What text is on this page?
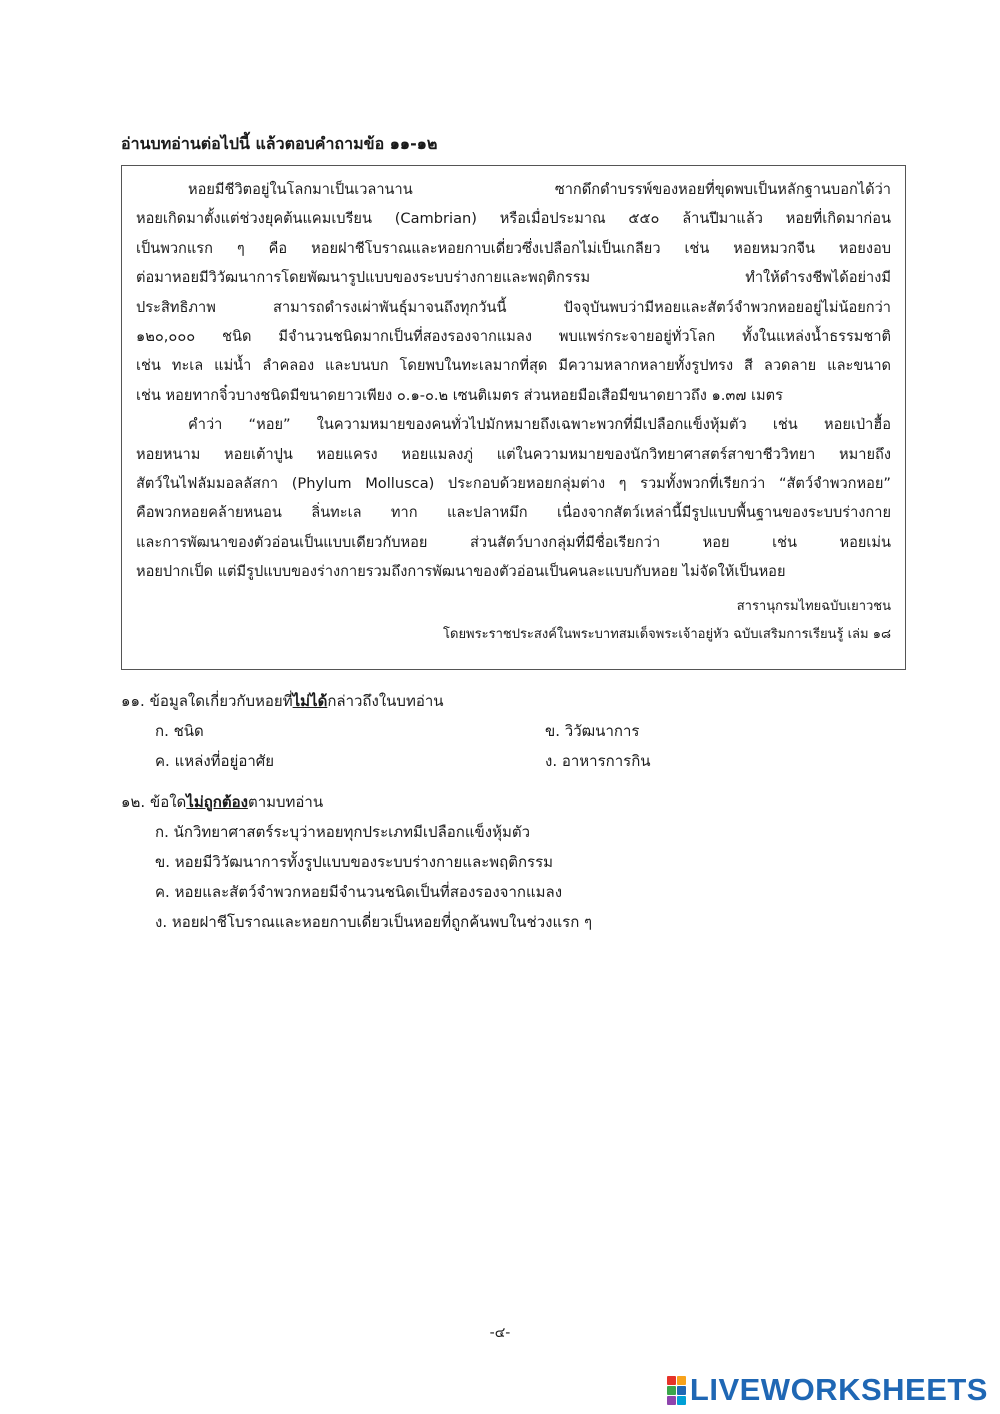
อ่านบทอ่านต่อไปนี้ แล้วตอบคำถามข้อ ๑๑-๑๒
หอยมีชีวิตอยู่ในโลกมาเป็นเวลานาน ซากดึกดำบรรพ์ของหอยที่ขุดพบเป็นหลักฐานบอกได้ว่า
หอยเกิดมาตั้งแต่ช่วงยุคต้นแคมเบรียน (Cambrian) หรือเมื่อประมาณ ๕๕๐ ล้านปีมาแล้ว หอยที่เกิดมาก่อน
เป็นพวกแรก ๆ คือ หอยฝาชีโบราณและหอยกาบเดี่ยวซึ่งเปลือกไม่เป็นเกลียว เช่น หอยหมวกจีน หอยงอบ
ต่อมาหอยมีวิวัฒนาการโดยพัฒนารูปแบบของระบบร่างกายและพฤติกรรม ทำให้ดำรงชีพได้อย่างมี
ประสิทธิภาพ สามารถดำรงเผ่าพันธุ์มาจนถึงทุกวันนี้ ปัจจุบันพบว่ามีหอยและสัตว์จำพวกหอยอยู่ไม่น้อยกว่า
๑๒๐,๐๐๐ ชนิด มีจำนวนชนิดมากเป็นที่สองรองจากแมลง พบแพร่กระจายอยู่ทั่วโลก ทั้งในแหล่งน้ำธรรมชาติ
เช่น ทะเล แม่น้ำ ลำคลอง และบนบก โดยพบในทะเลมากที่สุด มีความหลากหลายทั้งรูปทรง สี ลวดลาย และขนาด
เช่น หอยทากจิ๋วบางชนิดมีขนาดยาวเพียง ๐.๑-๐.๒ เซนติเมตร ส่วนหอยมือเสือมีขนาดยาวถึง ๑.๓๗ เมตร
คำว่า “หอย” ในความหมายของคนทั่วไปมักหมายถึงเฉพาะพวกที่มีเปลือกแข็งหุ้มตัว เช่น หอยเป่าฮื้อ
หอยหนาม หอยเต้าปูน หอยแครง หอยแมลงภู่ แต่ในความหมายของนักวิทยาศาสตร์สาขาชีววิทยา หมายถึง
สัตว์ในไฟลัมมอลลัสกา (Phylum Mollusca) ประกอบด้วยหอยกลุ่มต่าง ๆ รวมทั้งพวกที่เรียกว่า “สัตว์จำพวกหอย”
คือพวกหอยคล้ายหนอน ลิ่นทะเล ทาก และปลาหมึก เนื่องจากสัตว์เหล่านี้มีรูปแบบพื้นฐานของระบบร่างกาย
และการพัฒนาของตัวอ่อนเป็นแบบเดียวกับหอย ส่วนสัตว์บางกลุ่มที่มีชื่อเรียกว่า หอย เช่น หอยเม่น
หอยปากเป็ด แต่มีรูปแบบของร่างกายรวมถึงการพัฒนาของตัวอ่อนเป็นคนละแบบกับหอย ไม่จัดให้เป็นหอย
สารานุกรมไทยฉบับเยาวชน
โดยพระราชประสงค์ในพระบาทสมเด็จพระเจ้าอยู่หัว ฉบับเสริมการเรียนรู้ เล่ม ๑๘
๑๑. ข้อมูลใดเกี่ยวกับหอยที่ไม่ได้กล่าวถึงในบทอ่าน
ก. ชนิด	ข. วิวัฒนาการ
ค. แหล่งที่อยู่อาศัย	ง. อาหารการกิน
๑๒. ข้อใดไม่ถูกต้องตามบทอ่าน
ก. นักวิทยาศาสตร์ระบุว่าหอยทุกประเภทมีเปลือกแข็งหุ้มตัว
ข. หอยมีวิวัฒนาการทั้งรูปแบบของระบบร่างกายและพฤติกรรม
ค. หอยและสัตว์จำพวกหอยมีจำนวนชนิดเป็นที่สองรองจากแมลง
ง. หอยฝาชีโบราณและหอยกาบเดี่ยวเป็นหอยที่ถูกค้นพบในช่วงแรก ๆ
-๔-
LIVEWORKSHEETS
